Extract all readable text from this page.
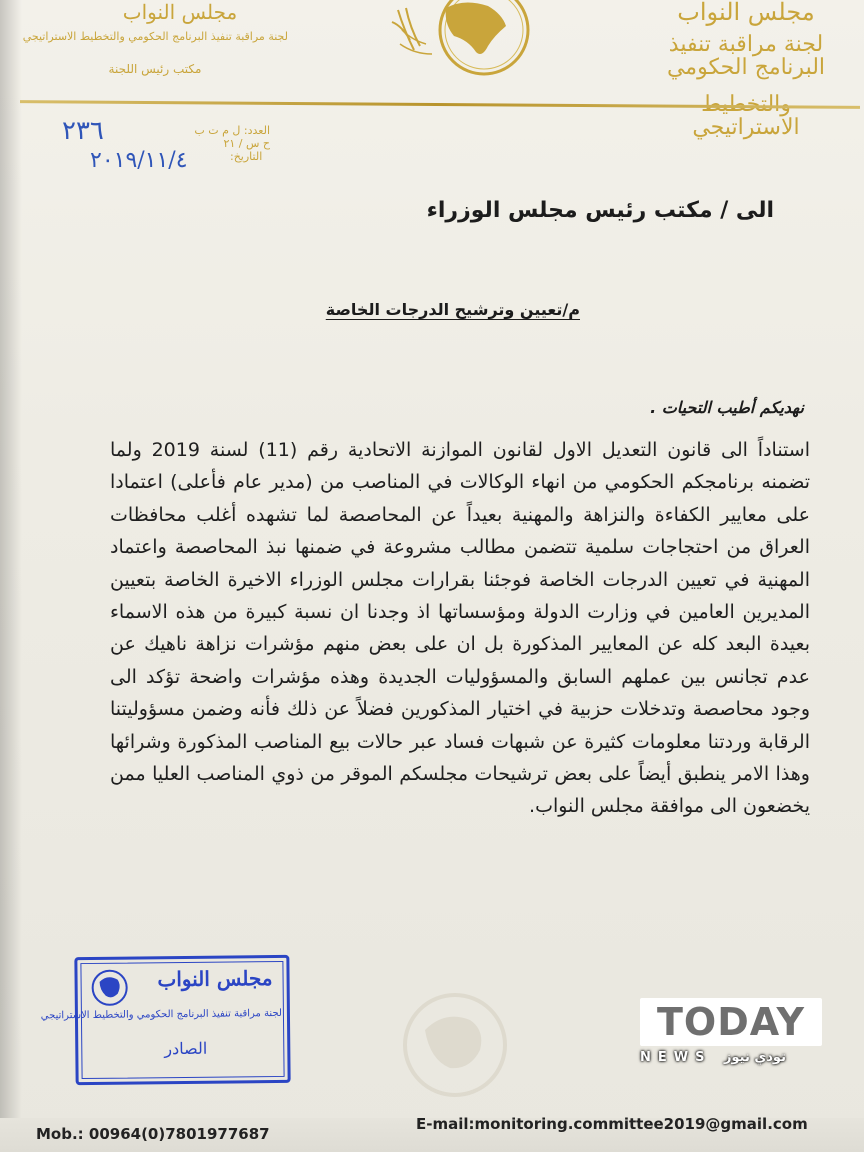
مجلس النواب
لجنة مراقبة تنفيذ البرنامج الحكومي والتخطيط الاستراتيجي
مكتب رئيس اللجنة
مجلس النواب
لجنة مراقبة تنفيذ البرنامج الحكومي
الاستراتيجي
٢٣٦	العدد: ل م ت ب ح س / ٢١
٢٠١٩/١١/٤	التاريخ:
الى / مكتب رئيس مجلس الوزراء
م/تعيين وترشيح الدرجات الخاصة
نهديكم أطيب التحيات .
استناداً الى قانون التعديل الاول لقانون الموازنة الاتحادية رقم (11) لسنة 2019 ولما تضمنه برنامجكم الحكومي من انهاء الوكالات في المناصب من (مدير عام فأعلى) اعتمادا على معايير الكفاءة والنزاهة والمهنية بعيداً عن المحاصصة لما تشهده أغلب محافظات العراق من احتجاجات سلمية تتضمن مطالب مشروعة في ضمنها نبذ المحاصصة واعتماد المهنية في تعيين الدرجات الخاصة فوجئنا بقرارات مجلس الوزراء الاخيرة الخاصة بتعيين المديرين العامين في وزارت الدولة ومؤسساتها اذ وجدنا ان نسبة كبيرة من هذه الاسماء بعيدة البعد كله عن المعايير المذكورة بل ان على بعض منهم مؤشرات نزاهة ناهيك عن عدم تجانس بين عملهم السابق والمسؤوليات الجديدة وهذه مؤشرات واضحة تؤكد الى وجود محاصصة وتدخلات حزبية في اختيار المذكورين فضلاً عن ذلك فأنه وضمن مسؤوليتنا الرقابة وردتنا معلومات كثيرة عن شبهات فساد عبر حالات بيع المناصب المذكورة وشرائها وهذا الامر ينطبق أيضاً على بعض ترشيحات مجلسكم الموقر من ذوي المناصب العليا ممن يخضعون الى موافقة مجلس النواب.
مجلس النواب
لجنة مراقبة تنفيذ البرنامج الحكومي والتخطيط الاستراتيجي
الصادر
TODAY
NEWS تودي نيوز
Mob.: 00964(0)7801977687
E-mail:monitoring.committee2019@gmail.com
